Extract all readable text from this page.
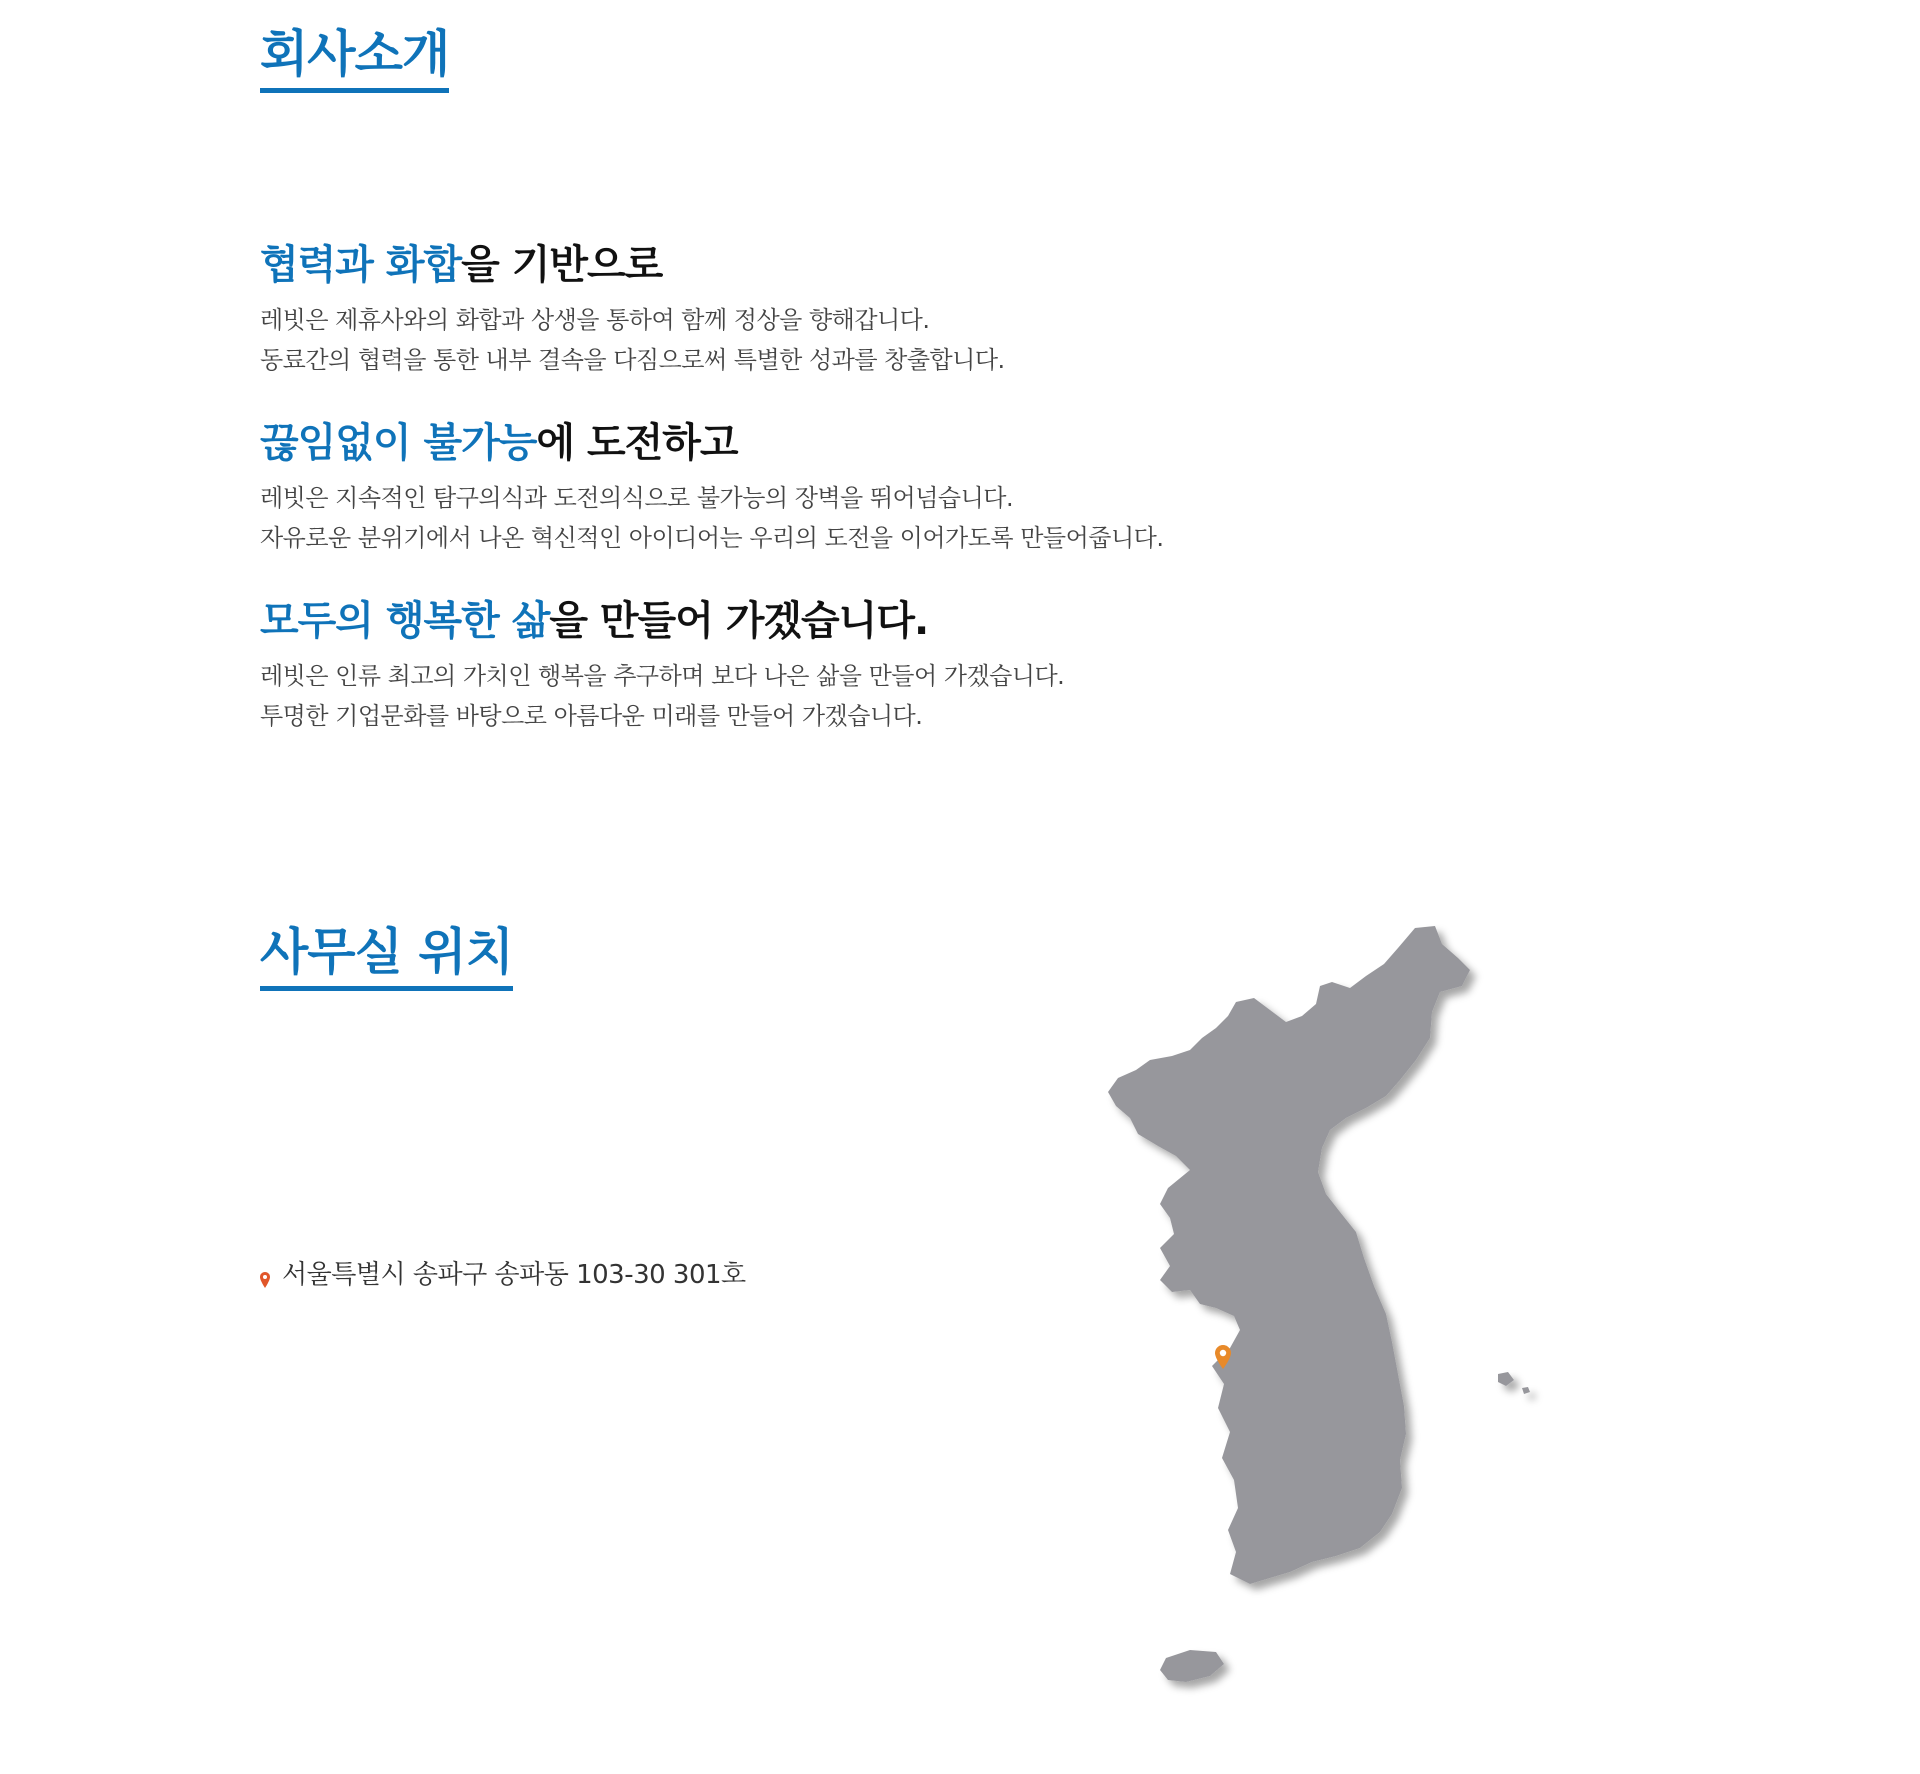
회사소개
협력과 화합을 기반으로

레빗은 제휴사와의 화합과 상생을 통하여 함께 정상을 향해갑니다.

동료간의 협력을 통한 내부 결속을 다짐으로써 특별한 성과를 창출합니다.

끊임없이 불가능에 도전하고

레빗은 지속적인 탐구의식과 도전의식으로 불가능의 장벽을 뛰어넘습니다.

자유로운 분위기에서 나온 혁신적인 아이디어는 우리의 도전을 이어가도록 만들어줍니다.

모두의 행복한 삶을 만들어 가겠습니다.

레빗은 인류 최고의 가치인 행복을 추구하며 보다 나은 삶을 만들어 가겠습니다.

투명한 기업문화를 바탕으로 아름다운 미래를 만들어 가겠습니다.

사무실 위치
서울특별시 송파구 송파동 103-30 301호
서울
